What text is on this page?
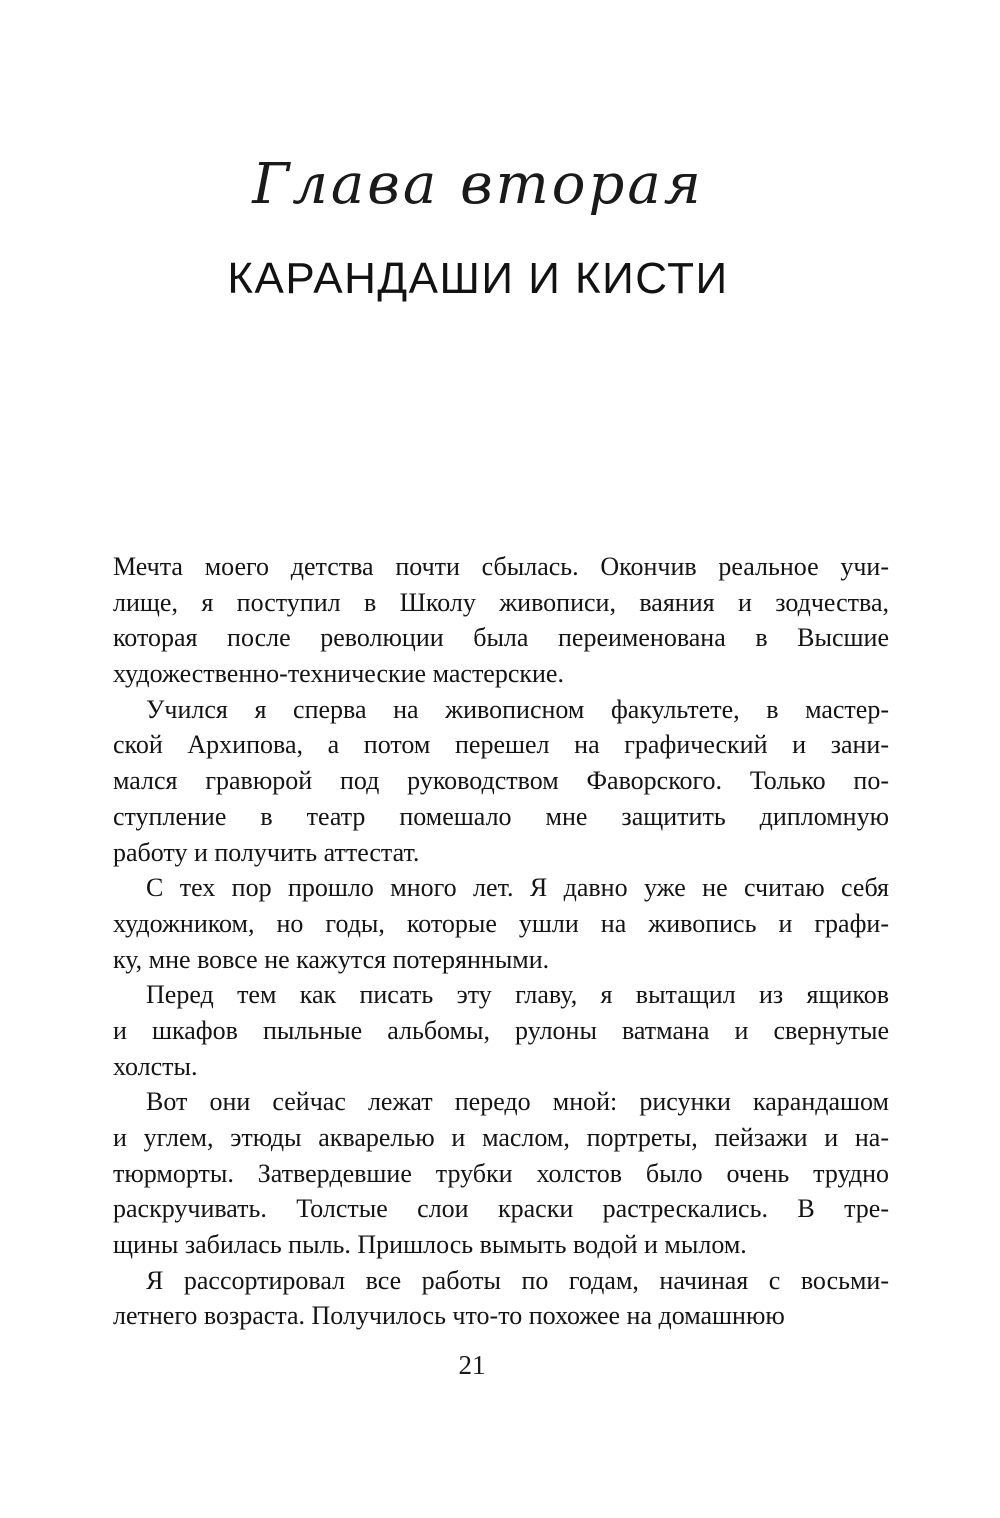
Глава вторая
КАРАНДАШИ И КИСТИ
Мечта моего детства почти сбылась. Окончив реальное учи-
лище, я поступил в Школу живописи, ваяния и зодчества,
которая после революции была переименована в Высшие
художественно-технические мастерские.
Учился я сперва на живописном факультете, в мастер-
ской Архипова, а потом перешел на графический и зани-
мался гравюрой под руководством Фаворского. Только по-
ступление в театр помешало мне защитить дипломную
работу и получить аттестат.
С тех пор прошло много лет. Я давно уже не считаю себя
художником, но годы, которые ушли на живопись и графи-
ку, мне вовсе не кажутся потерянными.
Перед тем как писать эту главу, я вытащил из ящиков
и шкафов пыльные альбомы, рулоны ватмана и свернутые
холсты.
Вот они сейчас лежат передо мной: рисунки карандашом
и углем, этюды акварелью и маслом, портреты, пейзажи и на-
тюрморты. Затвердевшие трубки холстов было очень трудно
раскручивать. Толстые слои краски растрескались. В тре-
щины забилась пыль. Пришлось вымыть водой и мылом.
Я рассортировал все работы по годам, начиная с восьми-
летнего возраста. Получилось что-то похожее на домашнюю
21
